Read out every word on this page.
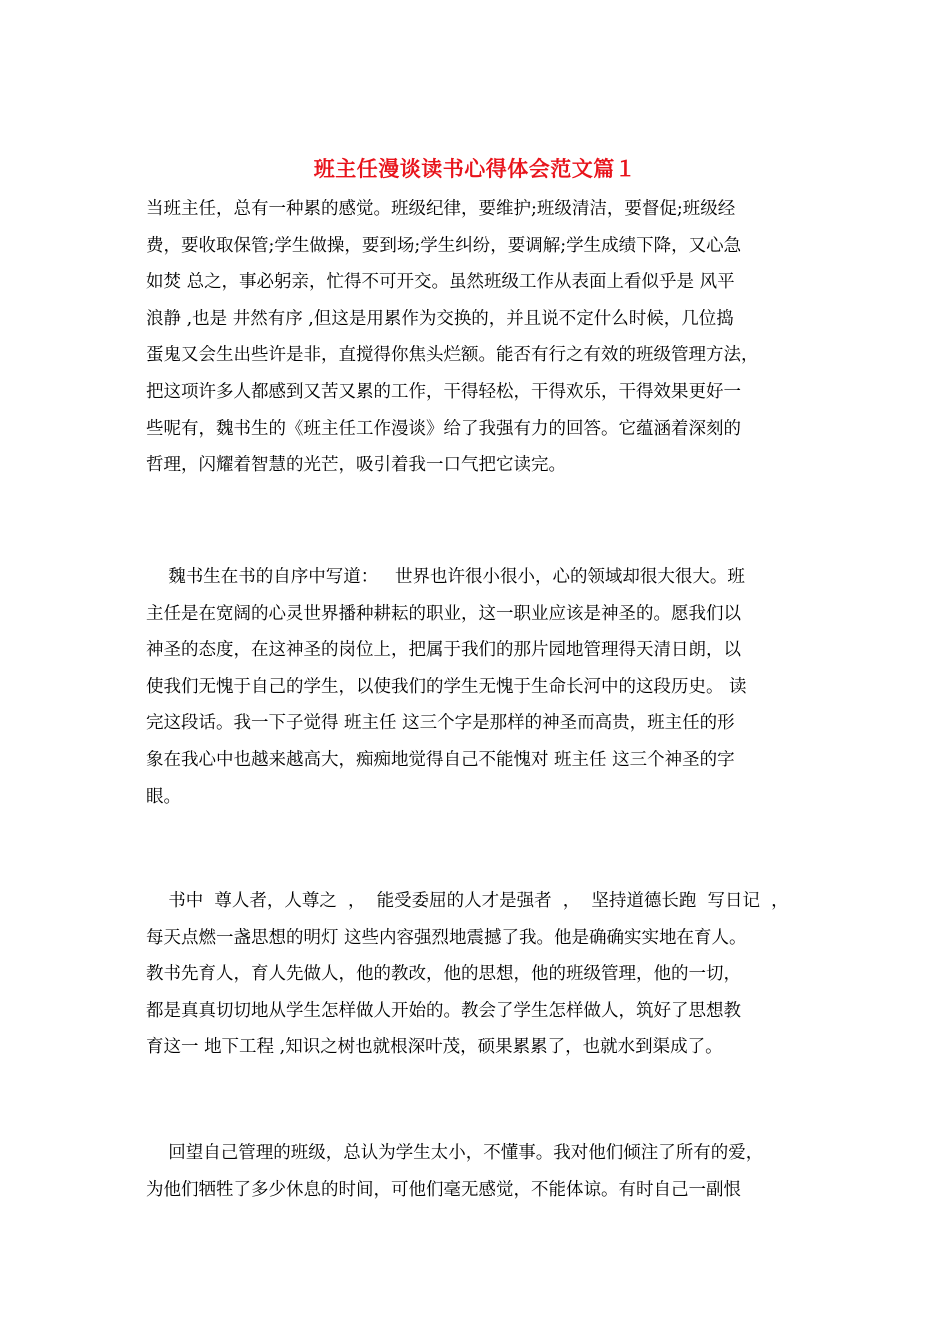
班主任漫谈读书心得体会范文篇１
当班主任，总有一种累的感觉。班级纪律，要维护;班级清洁，要督促;班级经
费，要收取保管;学生做操，要到场;学生纠纷，要调解;学生成绩下降，又心急
如焚 总之，事必躬亲，忙得不可开交。虽然班级工作从表面上看似乎是 风平
浪静 ,也是 井然有序 ,但这是用累作为交换的，并且说不定什么时候，几位捣
蛋鬼又会生出些许是非，直搅得你焦头烂额。能否有行之有效的班级管理方法，
把这项许多人都感到又苦又累的工作，干得轻松，干得欢乐，干得效果更好一
些呢有，魏书生的《班主任工作漫谈》给了我强有力的回答。它蕴涵着深刻的
哲理，闪耀着智慧的光芒，吸引着我一口气把它读完。
魏书生在书的自序中写道：   世界也许很小很小，心的领域却很大很大。班
主任是在宽阔的心灵世界播种耕耘的职业，这一职业应该是神圣的。愿我们以
神圣的态度，在这神圣的岗位上，把属于我们的那片园地管理得天清日朗，以
使我们无愧于自己的学生，以使我们的学生无愧于生命长河中的这段历史。 读
完这段话。我一下子觉得 班主任 这三个字是那样的神圣而高贵，班主任的形
象在我心中也越来越高大，痴痴地觉得自己不能愧对 班主任 这三个神圣的字
眼。
书中  尊人者，人尊之  ，  能受委屈的人才是强者  ，  坚持道德长跑  写日记  ，
每天点燃一盏思想的明灯 这些内容强烈地震撼了我。他是确确实实地在育人。
教书先育人，育人先做人，他的教改，他的思想，他的班级管理，他的一切，
都是真真切切地从学生怎样做人开始的。教会了学生怎样做人，筑好了思想教
育这一 地下工程 ,知识之树也就根深叶茂，硕果累累了，也就水到渠成了。
回望自己管理的班级，总认为学生太小，不懂事。我对他们倾注了所有的爱，
为他们牺牲了多少休息的时间，可他们毫无感觉，不能体谅。有时自己一副恨
